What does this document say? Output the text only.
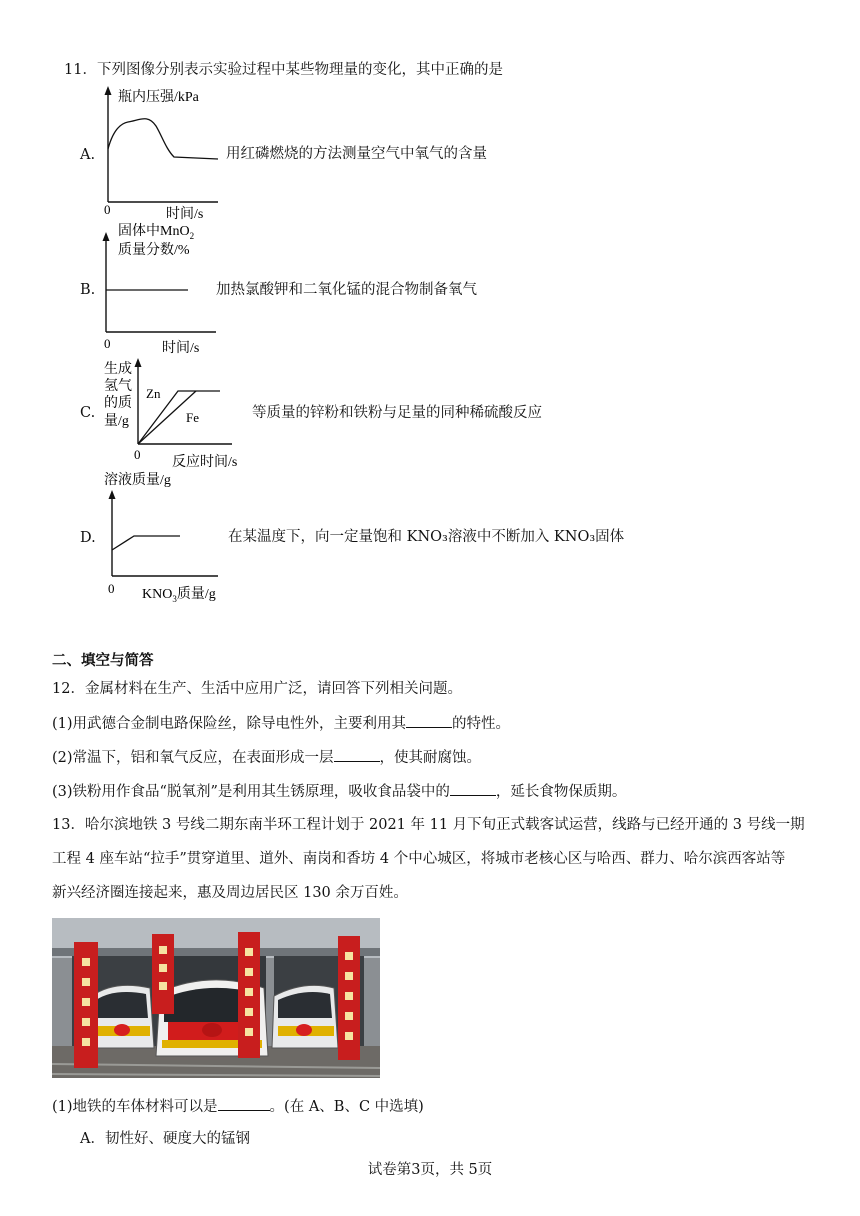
11．下列图像分别表示实验过程中某些物理量的变化，其中正确的是
A.
瓶内压强/kPa
0	时间/s
用红磷燃烧的方法测量空气中氧气的含量
B.
固体中MnO$_2$
质量分数/%
0	时间/s
加热氯酸钾和二氧化锰的混合物制备氧气
C.
生成
氢气
的质
量/g
Zn
Fe
0
反应时间/s
等质量的锌粉和铁粉与足量的同种稀硫酸反应
D.
溶液质量/g
0 $KNO_3$质量/g
在某温度下，向一定量饱和 KNO₃溶液中不断加入 KNO₃固体
二、填空与简答
12．金属材料在生产、生活中应用广泛，请回答下列相关问题。
(1)用武德合金制电路保险丝，除导电性外，主要利用其	的特性。
(2)常温下，铝和氧气反应，在表面形成一层	，使其耐腐蚀。
(3)铁粉用作食品“脱氧剂”是利用其生锈原理，吸收食品袋中的	，延长食物保质期。
13．哈尔滨地铁 3 号线二期东南半环工程计划于 2021 年 11 月下旬正式载客试运营，线路与已经开通的 3 号线一期
工程 4 座车站“拉手”贯穿道里、道外、南岗和香坊 4 个中心城区，将城市老核心区与哈西、群力、哈尔滨西客站等
新兴经济圈连接起来，惠及周边居民区 130 余万百姓。
(1)地铁的车体材料可以是	。(在 A、B、C 中选填)
A．韧性好、硬度大的锰钢
试卷第3页，共 5页
